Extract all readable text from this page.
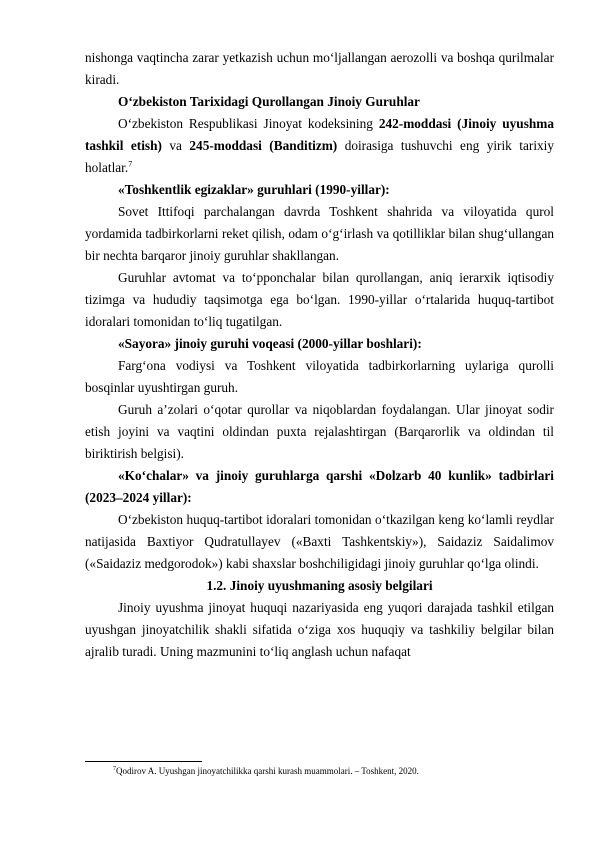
nishonga vaqtincha zarar yetkazish uchun mo‘ljallangan aerozolli va boshqa qurilmalar kiradi.

O‘zbekiston Tarixidagi Qurollangan Jinoiy Guruhlar

O‘zbekiston Respublikasi Jinoyat kodeksining 242-moddasi (Jinoiy uyushma tashkil etish) va 245-moddasi (Banditizm) doirasiga tushuvchi eng yirik tarixiy holatlar.$^7$

«Toshkentlik egizaklar» guruhlari (1990-yillar):

Sovet Ittifoqi parchalangan davrda Toshkent shahrida va viloyatida qurol yordamida tadbirkorlarni reket qilish, odam o‘g‘irlash va qotilliklar bilan shug‘ullangan bir nechta barqaror jinoiy guruhlar shakllangan.

Guruhlar avtomat va to‘pponchalar bilan qurollangan, aniq ierarxik iqtisodiy tizimga va hududiy taqsimotga ega bo‘lgan. 1990-yillar o‘rtalarida huquq-tartibot idoralari tomonidan to‘liq tugatilgan.

«Sayora» jinoiy guruhi voqeasi (2000-yillar boshlari):

Farg‘ona vodiysi va Toshkent viloyatida tadbirkorlarning uylariga qurolli bosqinlar uyushtirgan guruh.

Guruh a’zolari o‘qotar qurollar va niqoblardan foydalangan. Ular jinoyat sodir etish joyini va vaqtini oldindan puxta rejalashtirgan (Barqarorlik va oldindan til biriktirish belgisi).

«Ko‘chalar» va jinoiy guruhlarga qarshi «Dolzarb 40 kunlik» tadbirlari (2023–2024 yillar):

O‘zbekiston huquq-tartibot idoralari tomonidan o‘tkazilgan keng ko‘lamli reydlar natijasida Baxtiyor Qudratullayev («Baxti Tashkentskiy»), Saidaziz Saidalimov («Saidaziz medgorodok») kabi shaxslar boshchiligidagi jinoiy guruhlar qo‘lga olindi.

1.2. Jinoiy uyushmaning asosiy belgilari

Jinoiy uyushma jinoyat huquqi nazariyasida eng yuqori darajada tashkil etilgan uyushgan jinoyatchilik shakli sifatida o‘ziga xos huquqiy va tashkiliy belgilar bilan ajralib turadi. Uning mazmunini to‘liq anglash uchun nafaqat

$^7$Qodirov A. Uyushgan jinoyatchilikka qarshi kurash muammolari. – Toshkent, 2020.
